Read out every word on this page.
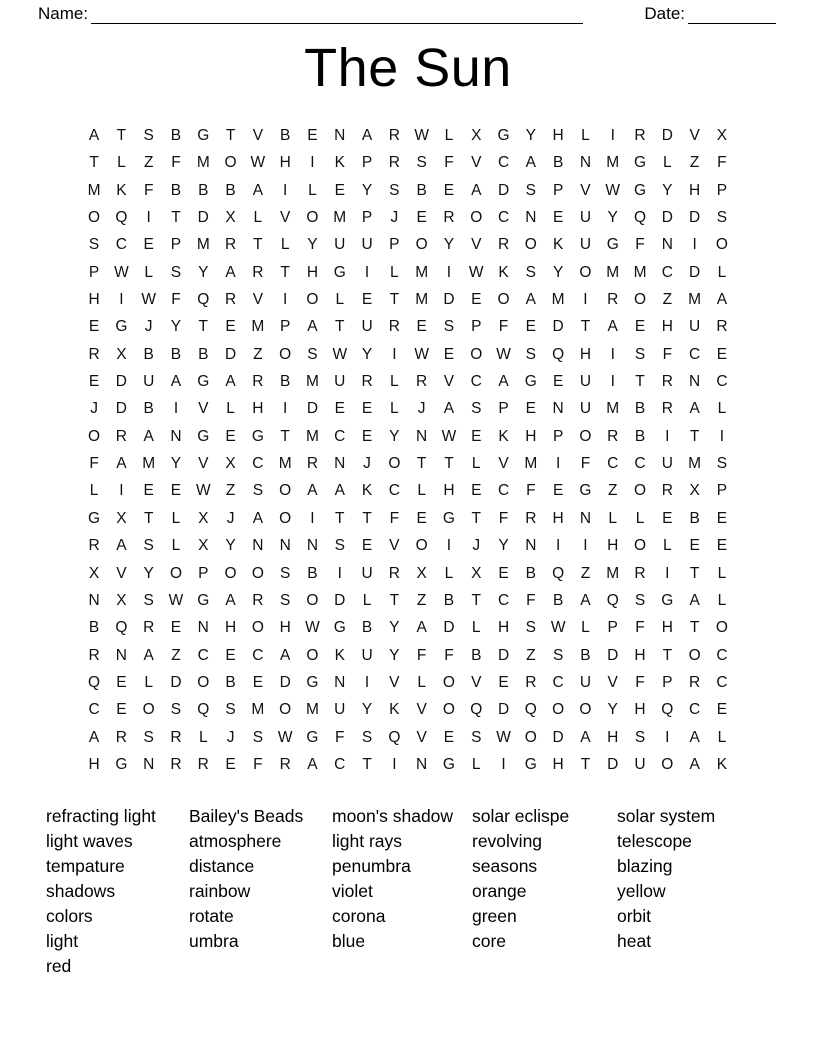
Name:	Date:
The Sun
A	T	S	B	G	T	V	B	E	N	A	R	W	L	X	G	Y	H	L	I	R	D	V	X
T	L	Z	F	M	O	W	H	I	K	P	R	S	F	V	C	A	B	N	M	G	L	Z	F
M	K	F	B	B	B	A	I	L	E	Y	S	B	E	A	D	S	P	V	W	G	Y	H	P
O	Q	I	T	D	X	L	V	O	M	P	J	E	R	O	C	N	E	U	Y	Q	D	D	S
S	C	E	P	M	R	T	L	Y	U	U	P	O	Y	V	R	O	K	U	G	F	N	I	O
P	W	L	S	Y	A	R	T	H	G	I	L	M	I	W	K	S	Y	O	M	M	C	D	L
H	I	W	F	Q	R	V	I	O	L	E	T	M	D	E	O	A	M	I	R	O	Z	M	A
E	G	J	Y	T	E	M	P	A	T	U	R	E	S	P	F	E	D	T	A	E	H	U	R
R	X	B	B	B	D	Z	O	S	W	Y	I	W	E	O	W	S	Q	H	I	S	F	C	E
E	D	U	A	G	A	R	B	M	U	R	L	R	V	C	A	G	E	U	I	T	R	N	C
J	D	B	I	V	L	H	I	D	E	E	L	J	A	S	P	E	N	U	M	B	R	A	L
O	R	A	N	G	E	G	T	M	C	E	Y	N	W	E	K	H	P	O	R	B	I	T	I
F	A	M	Y	V	X	C	M	R	N	J	O	T	T	L	V	M	I	F	C	C	U	M	S
L	I	E	E	W	Z	S	O	A	A	K	C	L	H	E	C	F	E	G	Z	O	R	X	P
G	X	T	L	X	J	A	O	I	T	T	F	E	G	T	F	R	H	N	L	L	E	B	E
R	A	S	L	X	Y	N	N	N	S	E	V	O	I	J	Y	N	I	I	H	O	L	E	E
X	V	Y	O	P	O	O	S	B	I	U	R	X	L	X	E	B	Q	Z	M	R	I	T	L
N	X	S	W	G	A	R	S	O	D	L	T	Z	B	T	C	F	B	A	Q	S	G	A	L
B	Q	R	E	N	H	O	H	W	G	B	Y	A	D	L	H	S	W	L	P	F	H	T	O
R	N	A	Z	C	E	C	A	O	K	U	Y	F	F	B	D	Z	S	B	D	H	T	O	C
Q	E	L	D	O	B	E	D	G	N	I	V	L	O	V	E	R	C	U	V	F	P	R	C
C	E	O	S	Q	S	M	O	M	U	Y	K	V	O	Q	D	Q	O	O	Y	H	Q	C	E
A	R	S	R	L	J	S	W	G	F	S	Q	V	E	S	W	O	D	A	H	S	I	A	L
H	G	N	R	R	E	F	R	A	C	T	I	N	G	L	I	G	H	T	D	U	O	A	K
refracting light
light waves
tempature
shadows
colors
light
red
Bailey's Beads
atmosphere
distance
rainbow
rotate
umbra
moon's shadow
light rays
penumbra
violet
corona
blue
solar eclispe
revolving
seasons
orange
green
core
solar system
telescope
blazing
yellow
orbit
heat
